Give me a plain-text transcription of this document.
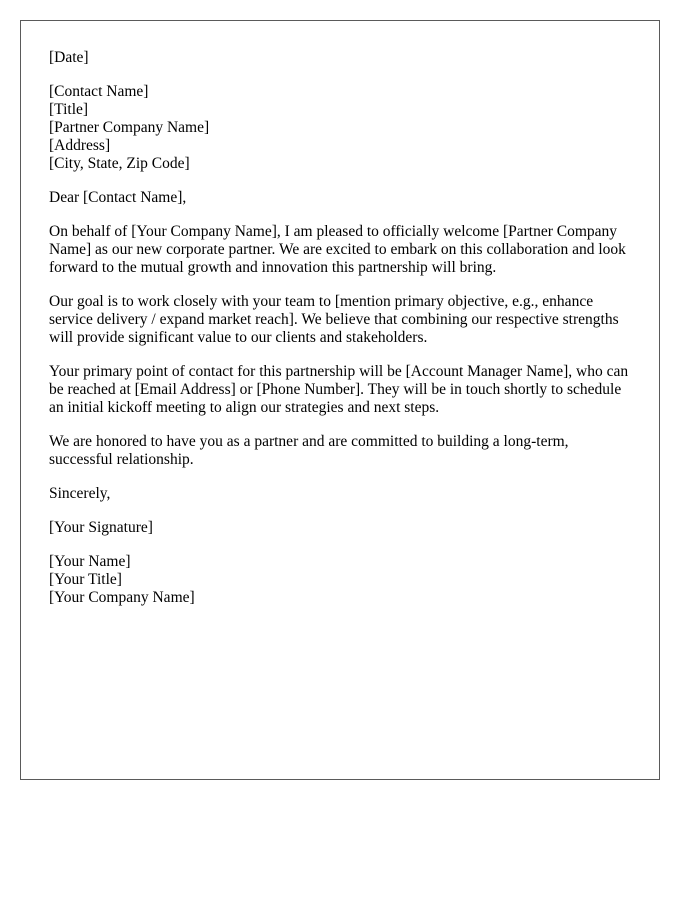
[Date]
[Contact Name]
[Title]
[Partner Company Name]
[Address]
[City, State, Zip Code]
Dear [Contact Name],

On behalf of [Your Company Name], I am pleased to officially welcome [Partner Company Name] as our new corporate partner. We are excited to embark on this collaboration and look forward to the mutual growth and innovation this partnership will bring.

Our goal is to work closely with your team to [mention primary objective, e.g., enhance service delivery / expand market reach]. We believe that combining our respective strengths will provide significant value to our clients and stakeholders.

Your primary point of contact for this partnership will be [Account Manager Name], who can be reached at [Email Address] or [Phone Number]. They will be in touch shortly to schedule an initial kickoff meeting to align our strategies and next steps.

We are honored to have you as a partner and are committed to building a long-term, successful relationship.

Sincerely,
[Your Signature]
[Your Name]
[Your Title]
[Your Company Name]
